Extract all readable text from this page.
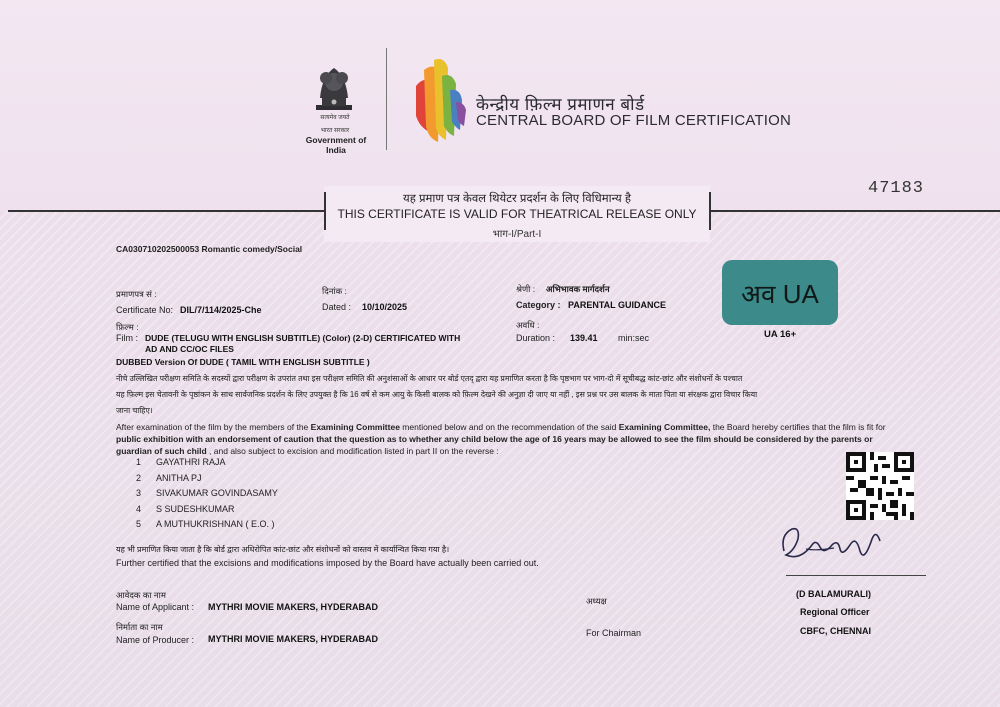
सत्यमेव जयते
भारत सरकार
Government of India
केन्द्रीय फ़िल्म प्रमाणन बोर्ड
CENTRAL BOARD OF FILM CERTIFICATION
47183
यह प्रमाण पत्र केवल थियेटर प्रदर्शन के लिए विधिमान्य है
THIS CERTIFICATE IS VALID FOR THEATRICAL RELEASE ONLY
भाग-I/Part-I
CA030710202500053 Romantic comedy/Social
प्रमाणपत्र सं :
Certificate No: DIL/7/114/2025-Che
दिनांक :
Dated : 10/10/2025
श्रेणी : अभिभावक मार्गदर्शन
Category : PARENTAL GUIDANCE	अव UA
UA 16+
फ़िल्म :
Film : DUDE (TELUGU WITH ENGLISH SUBTITLE) (Color) (2-D) CERTIFICATED WITH
AD AND CC/OC FILES
अवधि :
Duration : 139.41 min:sec
DUBBED Version Of DUDE ( TAMIL WITH ENGLISH SUBTITLE )
नीचे उल्लिखित परीक्षण समिति के सदस्यों द्वारा परीक्षण के उपरांत तथा इस परीक्षण समिति की अनुशंसाओं के आधार पर बोर्ड एतद् द्वारा यह प्रमाणित करता है कि पृष्ठभाग पर भाग-दो में सूचीबद्ध कांट-छांट और संशोधनों के पश्चात
यह फ़िल्म इस चेतावनी के पृष्ठांकन के साथ सार्वजनिक प्रदर्शन के लिए उपयुक्त है कि 16 वर्ष से कम आयु के किसी बालक को फ़िल्म देखने की अनुज्ञा दी जाए या नहीं , इस प्रश्न पर उस बालक के माता पिता या संरक्षक द्वारा विचार किया
जाना चाहिए।
After examination of the film by the members of the Examining Committee mentioned below and on the recommendation of the said Examining Committee, the Board hereby certifies that the film is fit for public exhibition with an endorsement of caution that the question as to whether any child below the age of 16 years may be allowed to see the film should be considered by the parents or guardian of such child , and also subject to excision and modification listed in part II on the reverse :
1	GAYATHRI RAJA
2	ANITHA PJ
3	SIVAKUMAR GOVINDASAMY
4	S SUDESHKUMAR
5	A MUTHUKRISHNAN ( E.O. )
यह भी प्रमाणित किया जाता है कि बोर्ड द्वारा अधिरोपित कांट-छांट और संशोधनों को वास्तव में कार्यान्वित किया गया है।
Further certified that the excisions and modifications imposed by the Board have actually been carried out.
आवेदक का नाम
Name of Applicant : MYTHRI MOVIE MAKERS, HYDERABAD
निर्माता का नाम
Name of Producer : MYTHRI MOVIE MAKERS, HYDERABAD
अध्यक्ष
For Chairman
(D BALAMURALI)
Regional Officer
CBFC, CHENNAI
